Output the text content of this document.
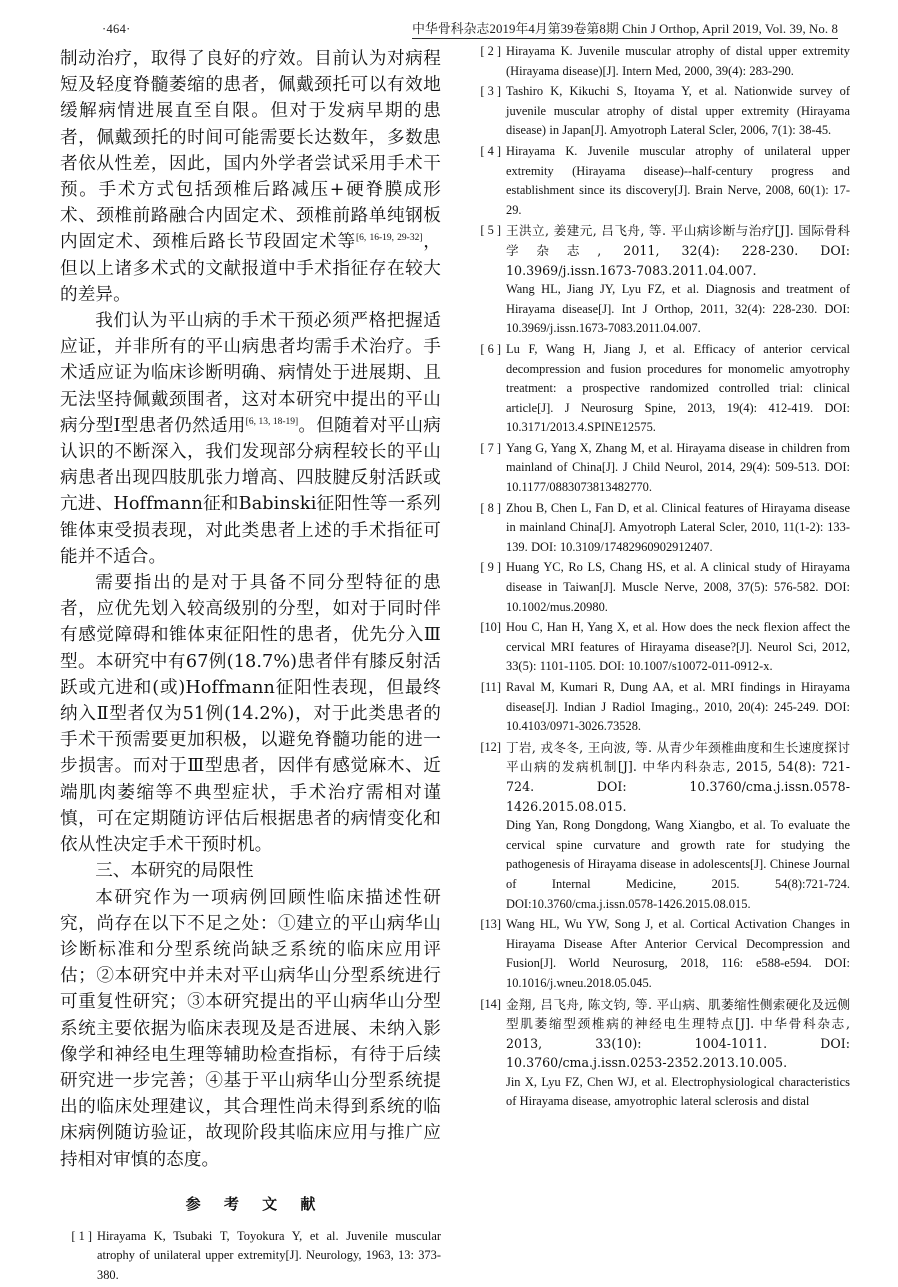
·464·	中华骨科杂志2019年4月第39卷第8期 Chin J Orthop, April 2019, Vol. 39, No. 8

制动治疗，取得了良好的疗效。目前认为对病程短及轻度脊髓萎缩的患者，佩戴颈托可以有效地缓解病情进展直至自限。但对于发病早期的患者，佩戴颈托的时间可能需要长达数年，多数患者依从性差，因此，国内外学者尝试采用手术干预。手术方式包括颈椎后路减压+硬脊膜成形术、颈椎前路融合内固定术、颈椎前路单纯钢板内固定术、颈椎后路长节段固定术等[6, 16-19, 29-32]，但以上诸多术式的文献报道中手术指征存在较大的差异。

我们认为平山病的手术干预必须严格把握适应证，并非所有的平山病患者均需手术治疗。手术适应证为临床诊断明确、病情处于进展期、且无法坚持佩戴颈围者，这对本研究中提出的平山病分型Ⅰ型患者仍然适用[6, 13, 18-19]。但随着对平山病认识的不断深入，我们发现部分病程较长的平山病患者出现四肢肌张力增高、四肢腱反射活跃或亢进、Hoffmann征和Babinski征阳性等一系列锥体束受损表现，对此类患者上述的手术指征可能并不适合。

需要指出的是对于具备不同分型特征的患者，应优先划入较高级别的分型，如对于同时伴有感觉障碍和锥体束征阳性的患者，优先分入Ⅲ型。本研究中有67例(18.7%)患者伴有膝反射活跃或亢进和(或)Hoffmann征阳性表现，但最终纳入Ⅱ型者仅为51例(14.2%)，对于此类患者的手术干预需要更加积极，以避免脊髓功能的进一步损害。而对于Ⅲ型患者，因伴有感觉麻木、近端肌肉萎缩等不典型症状，手术治疗需相对谨慎，可在定期随访评估后根据患者的病情变化和依从性决定手术干预时机。

三、本研究的局限性

本研究作为一项病例回顾性临床描述性研究，尚存在以下不足之处：①建立的平山病华山诊断标准和分型系统尚缺乏系统的临床应用评估；②本研究中并未对平山病华山分型系统进行可重复性研究；③本研究提出的平山病华山分型系统主要依据为临床表现及是否进展、未纳入影像学和神经电生理等辅助检查指标，有待于后续研究进一步完善；④基于平山病华山分型系统提出的临床处理建议，其合理性尚未得到系统的临床病例随访验证，故现阶段其临床应用与推广应持相对审慎的态度。

参 考 文 献
[ 1 ] Hirayama K, Tsubaki T, Toyokura Y, et al. Juvenile muscular atrophy of unilateral upper extremity[J]. Neurology, 1963, 13: 373-380.

[ 2 ] Hirayama K. Juvenile muscular atrophy of distal upper extremity (Hirayama disease)[J]. Intern Med, 2000, 39(4): 283-290.

[ 3 ] Tashiro K, Kikuchi S, Itoyama Y, et al. Nationwide survey of juvenile muscular atrophy of distal upper extremity (Hirayama disease) in Japan[J]. Amyotroph Lateral Scler, 2006, 7(1): 38-45.

[ 4 ] Hirayama K. Juvenile muscular atrophy of unilateral upper extremity (Hirayama disease)--half-century progress and establishment since its discovery[J]. Brain Nerve, 2008, 60(1): 17-29.

[ 5 ] 王洪立, 姜建元, 吕飞舟, 等. 平山病诊断与治疗[J]. 国际骨科学杂志, 2011, 32(4): 228-230. DOI: 10.3969/j.issn.1673-7083.2011.04.007.

Wang HL, Jiang JY, Lyu FZ, et al. Diagnosis and treatment of Hirayama disease[J]. Int J Orthop, 2011, 32(4): 228-230. DOI: 10.3969/j.issn.1673-7083.2011.04.007.

[ 6 ] Lu F, Wang H, Jiang J, et al. Efficacy of anterior cervical decompression and fusion procedures for monomelic amyotrophy treatment: a prospective randomized controlled trial: clinical article[J]. J Neurosurg Spine, 2013, 19(4): 412-419. DOI: 10.3171/2013.4.SPINE12575.

[ 7 ] Yang G, Yang X, Zhang M, et al. Hirayama disease in children from mainland of China[J]. J Child Neurol, 2014, 29(4): 509-513. DOI: 10.1177/0883073813482770.

[ 8 ] Zhou B, Chen L, Fan D, et al. Clinical features of Hirayama disease in mainland China[J]. Amyotroph Lateral Scler, 2010, 11(1-2): 133-139. DOI: 10.3109/17482960902912407.

[ 9 ] Huang YC, Ro LS, Chang HS, et al. A clinical study of Hirayama disease in Taiwan[J]. Muscle Nerve, 2008, 37(5): 576-582. DOI: 10.1002/mus.20980.

[10] Hou C, Han H, Yang X, et al. How does the neck flexion affect the cervical MRI features of Hirayama disease?[J]. Neurol Sci, 2012, 33(5): 1101-1105. DOI: 10.1007/s10072-011-0912-x.

[11] Raval M, Kumari R, Dung AA, et al. MRI findings in Hirayama disease[J]. Indian J Radiol Imaging., 2010, 20(4): 245-249. DOI: 10.4103/0971-3026.73528.

[12] 丁岩, 戎冬冬, 王向波, 等. 从青少年颈椎曲度和生长速度探讨平山病的发病机制[J]. 中华内科杂志, 2015, 54(8): 721-724. DOI: 10.3760/cma.j.issn.0578-1426.2015.08.015.

Ding Yan, Rong Dongdong, Wang Xiangbo, et al. To evaluate the cervical spine curvature and growth rate for studying the pathogenesis of Hirayama disease in adolescents[J]. Chinese Journal of Internal Medicine, 2015. 54(8):721-724. DOI:10.3760/cma.j.issn.0578-1426.2015.08.015.

[13] Wang HL, Wu YW, Song J, et al. Cortical Activation Changes in Hirayama Disease After Anterior Cervical Decompression and Fusion[J]. World Neurosurg, 2018, 116: e588-e594. DOI: 10.1016/j.wneu.2018.05.045.

[14] 金翔, 吕飞舟, 陈文钧, 等. 平山病、肌萎缩性侧索硬化及远侧型肌萎缩型颈椎病的神经电生理特点[J]. 中华骨科杂志, 2013, 33(10): 1004-1011. DOI: 10.3760/cma.j.issn.0253-2352.2013.10.005.

Jin X, Lyu FZ, Chen WJ, et al. Electrophysiological characteristics of Hirayama disease, amyotrophic lateral sclerosis and distal
